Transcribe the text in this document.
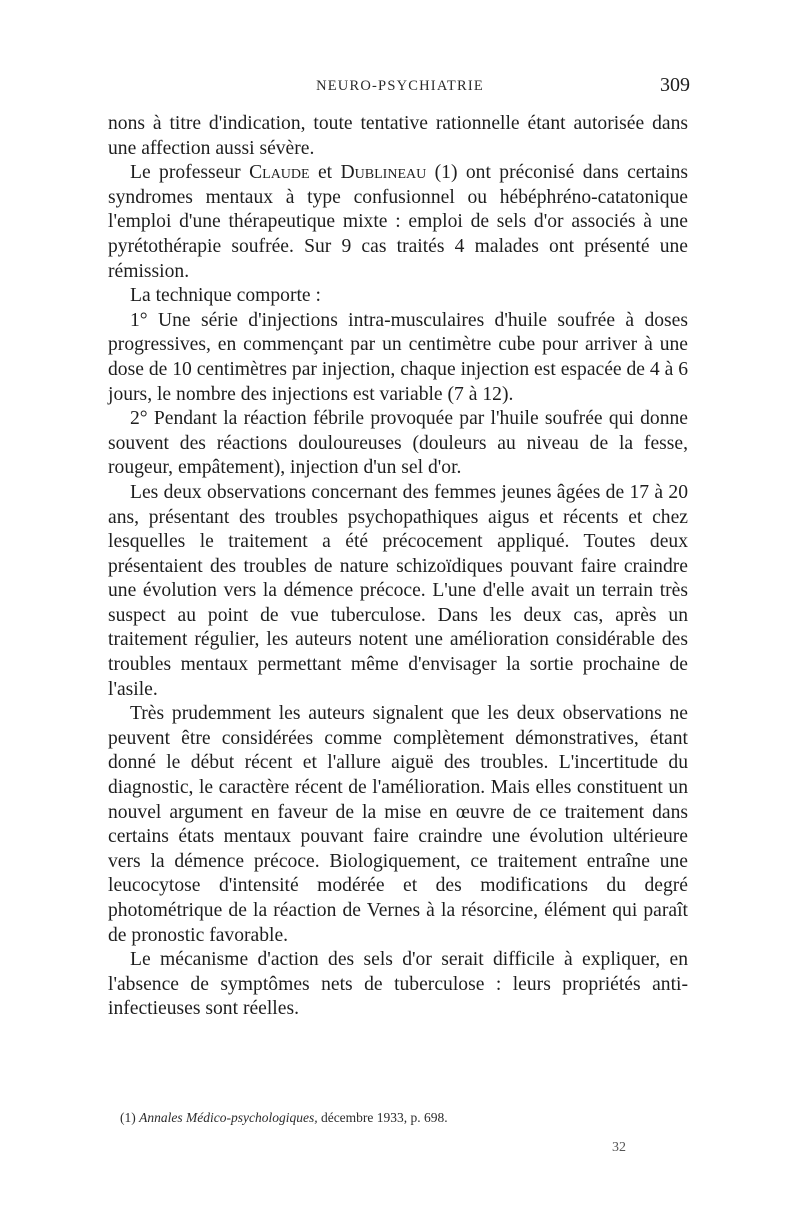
NEURO-PSYCHIATRIE	309

nons à titre d'indication, toute tentative rationnelle étant autorisée dans une affection aussi sévère.

Le professeur Claude et Dublineau (1) ont préconisé dans certains syndromes mentaux à type confusionnel ou hébéphréno-catatonique l'emploi d'une thérapeutique mixte : emploi de sels d'or associés à une pyrétothérapie soufrée. Sur 9 cas traités 4 malades ont présenté une rémission.

La technique comporte :

1° Une série d'injections intra-musculaires d'huile soufrée à doses progressives, en commençant par un centimètre cube pour arriver à une dose de 10 centimètres par injection, chaque injection est espacée de 4 à 6 jours, le nombre des injections est variable (7 à 12).

2° Pendant la réaction fébrile provoquée par l'huile soufrée qui donne souvent des réactions douloureuses (douleurs au niveau de la fesse, rougeur, empâtement), injection d'un sel d'or.

Les deux observations concernant des femmes jeunes âgées de 17 à 20 ans, présentant des troubles psychopathiques aigus et récents et chez lesquelles le traitement a été précocement appliqué. Toutes deux présentaient des troubles de nature schizoïdiques pouvant faire craindre une évolution vers la démence précoce. L'une d'elle avait un terrain très suspect au point de vue tuberculose. Dans les deux cas, après un traitement régulier, les auteurs notent une amélioration considérable des troubles mentaux permettant même d'envisager la sortie prochaine de l'asile.

Très prudemment les auteurs signalent que les deux observations ne peuvent être considérées comme complètement démonstratives, étant donné le début récent et l'allure aiguë des troubles. L'incertitude du diagnostic, le caractère récent de l'amélioration. Mais elles constituent un nouvel argument en faveur de la mise en œuvre de ce traitement dans certains états mentaux pouvant faire craindre une évolution ultérieure vers la démence précoce. Biologiquement, ce traitement entraîne une leucocytose d'intensité modérée et des modifications du degré photométrique de la réaction de Vernes à la résorcine, élément qui paraît de pronostic favorable.

Le mécanisme d'action des sels d'or serait difficile à expliquer, en l'absence de symptômes nets de tuberculose : leurs propriétés anti-infectieuses sont réelles.

(1) Annales Médico-psychologiques, décembre 1933, p. 698.
32
